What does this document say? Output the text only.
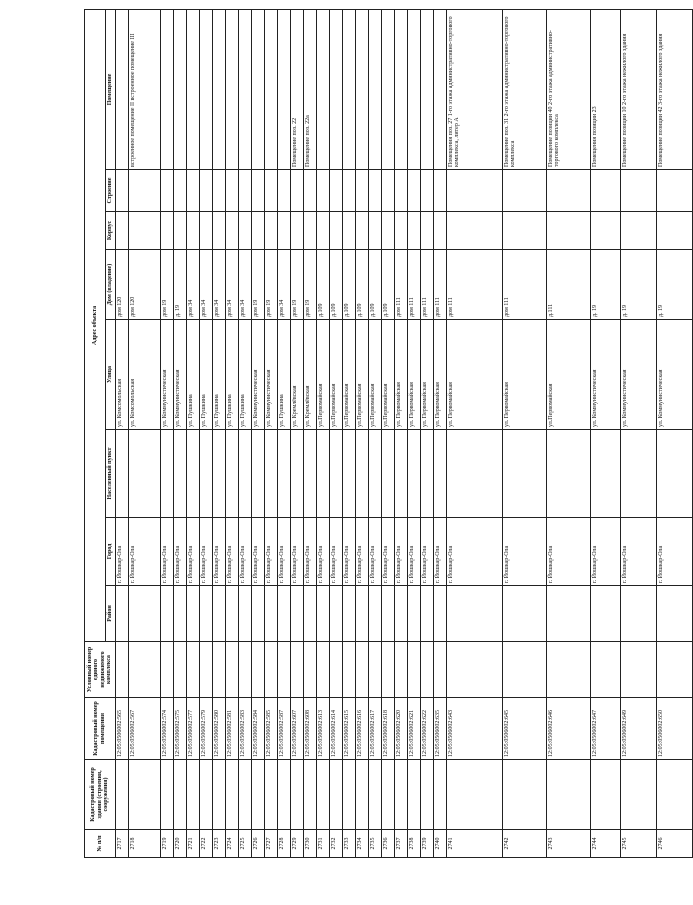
№ п/п	Кадастровый номер здания (строения, сооружения)	Кадастровый номер помещения	Условный номер единого недвижимого комплекса	Адрес объекта							
				Район	Город	Населенный пункт	Улица	Дом (владение)	Корпус	Строение	Помещение
2717		12:05:0506002:565			г. Йошкар-Ола		ул. Комсомольская	дом 120			
2718		12:05:0506002:567			г. Йошкар-Ола		ул. Комсомольская	дом 120			встроенное помещение II встроенное помещение III
2719		12:05:0506002:574			г. Йошкар-Ола		ул. Коммунистическая	дом 19			
2720		12:05:0506002:575			г. Йошкар-Ола		ул. Коммунистическая	д. 19			
2721		12:05:0506002:577			г. Йошкар-Ола		ул. Пушкина	дом 34			
2722		12:05:0506002:579			г. Йошкар-Ола		ул. Пушкина	дом 34			
2723		12:05:0506002:580			г. Йошкар-Ола		ул. Пушкина	дом 34			
2724		12:05:0506002:581			г. Йошкар-Ола		ул. Пушкина	дом 34			
2725		12:05:0506002:583			г. Йошкар-Ола		ул. Пушкина	дом 34			
2726		12:05:0506002:584			г. Йошкар-Ола		ул. Коммунистическая	дом 19			
2727		12:05:0506002:585			г. Йошкар-Ола		ул. Коммунистическая	дом 19			
2728		12:05:0506002:587			г. Йошкар-Ола		ул. Пушкина	дом 34			
2729		12:05:0506002:607			г. Йошкар-Ола		ул. Кремлёвская	дом 19			Помещение поз. 22
2730		12:05:0506002:608			г. Йошкар-Ола		ул. Кремлёвская	дом 19			Помещение поз. 22а
2731		12:05:0506002:613			г. Йошкар-Ола		ул.Первомайская	д.109			
2732		12:05:0506002:614			г. Йошкар-Ола		ул.Первомайская	д.109			
2733		12:05:0506002:615			г. Йошкар-Ола		ул.Первомайская	д.109			
2734		12:05:0506002:616			г. Йошкар-Ола		ул.Первомайская	д.109			
2735		12:05:0506002:617			г. Йошкар-Ола		ул.Первомайская	д.109			
2736		12:05:0506002:618			г. Йошкар-Ола		ул.Первомайская	д.109			
2737		12:05:0506002:620			г. Йошкар-Ола		ул. Первомайская	дом 111			
2738		12:05:0506002:621			г. Йошкар-Ола		ул. Первомайская	дом 111			
2739		12:05:0506002:622			г. Йошкар-Ола		ул. Первомайская	дом 111			
2740		12:05:0506002:635			г. Йошкар-Ола		ул. Первомайская	дом 111			
2741		12:05:0506002:643			г. Йошкар-Ола		ул. Первомайская	дом 111			Помещения поз. 27 1-го этажа административно-торгового комплекса, литер А
2742		12:05:0506002:645			г. Йошкар-Ола		ул. Первомайская	дом 111			Помещение поз. 31 2-го этажа административно-торгового комплекса
2743		12:05:0506002:646			г. Йошкар-Ола		ул.Первомайская	д.111			Помещение позиции 40 2-го этажа административно-торгового комплекса
2744		12:05:0506002:647			г. Йошкар-Ола		ул. Коммунистическая	д. 19			Помещения позиции 23
2745		12:05:0506002:649			г. Йошкар-Ола		ул. Коммунистическая	д. 19			Помещение позиции 10 2-го этажа нежилого здания
2746		12:05:0506002:650			г. Йошкар-Ола		ул. Коммунистическая	д. 19			Помещение позиции 42 3-го этажа нежилого здания
